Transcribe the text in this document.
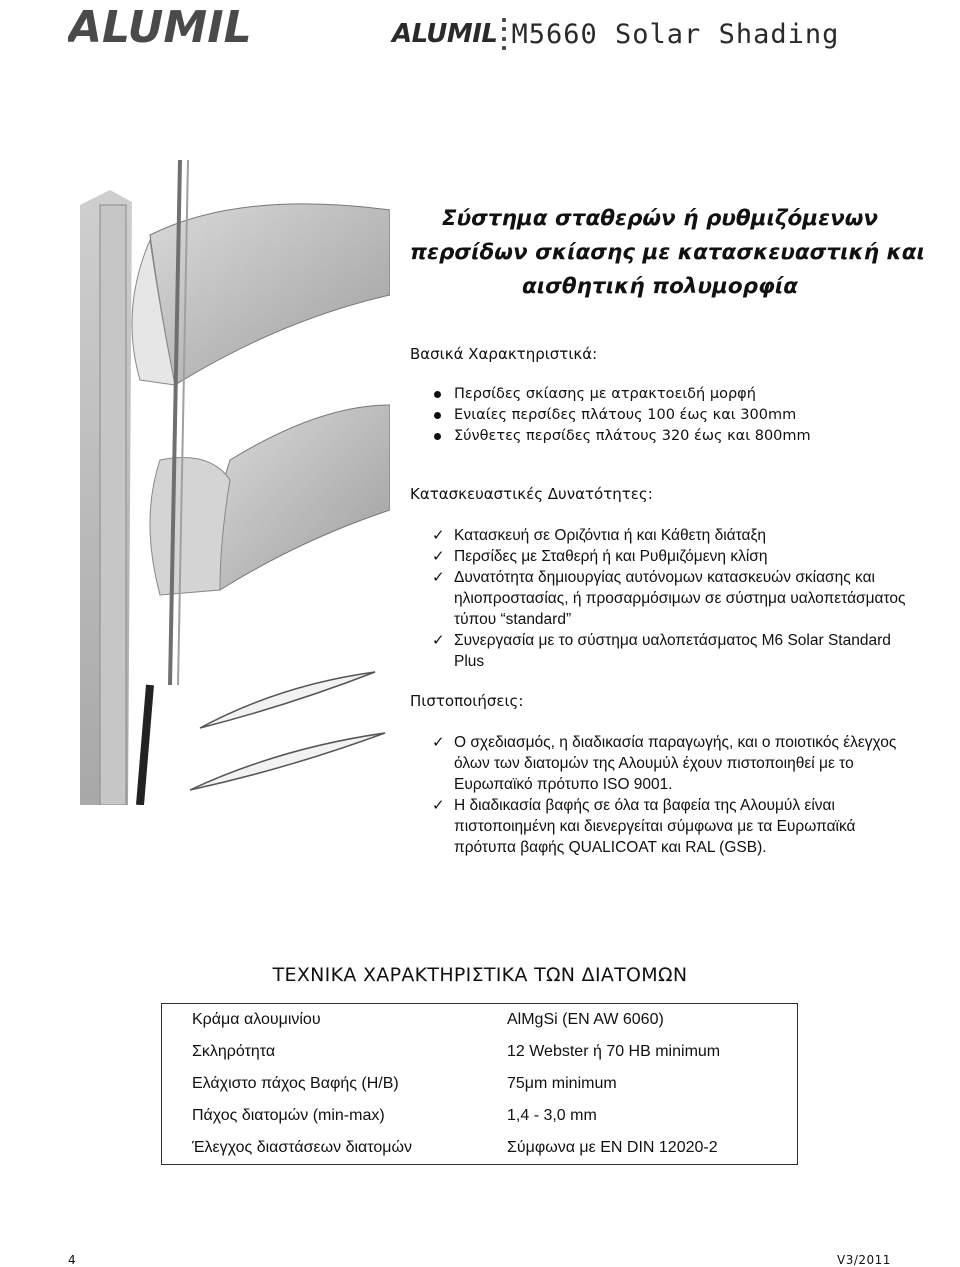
ALUMIL	ALUMIL M5660 Solar Shading
Σύστημα σταθερών ή ρυθμιζόμενων
περσίδων σκίασης με κατασκευαστική και
αισθητική πολυμορφία
Βασικά Χαρακτηριστικά:
Περσίδες σκίασης με ατρακτοειδή μορφή
Ενιαίες περσίδες πλάτους 100 έως και 300mm
Σύνθετες περσίδες πλάτους 320 έως και 800mm
Κατασκευαστικές Δυνατότητες:
✓ Κατασκευή σε Οριζόντια ή και Κάθετη διάταξη
✓ Περσίδες με Σταθερή ή και Ρυθμιζόμενη κλίση
✓ Δυνατότητα δημιουργίας αυτόνομων κατασκευών σκίασης και ηλιοπροστασίας, ή προσαρμόσιμων σε σύστημα υαλοπετάσματος τύπου “standard”
✓ Συνεργασία με το σύστημα υαλοπετάσματος M6 Solar Standard Plus
Πιστοποιήσεις:
✓ Ο σχεδιασμός, η διαδικασία παραγωγής, και ο ποιοτικός έλεγχος όλων των διατομών της Αλουμύλ έχουν πιστοποιηθεί με το Ευρωπαϊκό πρότυπο ISO 9001.
✓ Η διαδικασία βαφής σε όλα τα βαφεία της Αλουμύλ είναι πιστοποιημένη και διενεργείται σύμφωνα με τα Ευρωπαϊκά πρότυπα βαφής QUALICOAT και RAL (GSB).
ΤΕΧΝΙΚΑ ΧΑΡΑΚΤΗΡΙΣΤΙΚΑ ΤΩΝ ΔΙΑΤΟΜΩΝ
Κράμα αλουμινίου	AlMgSi (EN AW 6060)
Σκληρότητα	12 Webster ή 70 HB minimum
Ελάχιστο πάχος Βαφής (H/B)	75μm minimum
Πάχος διατομών (min-max)	1,4 - 3,0 mm
Έλεγχος διαστάσεων διατομών	Σύμφωνα με EN DIN 12020-2
4	V3/2011
